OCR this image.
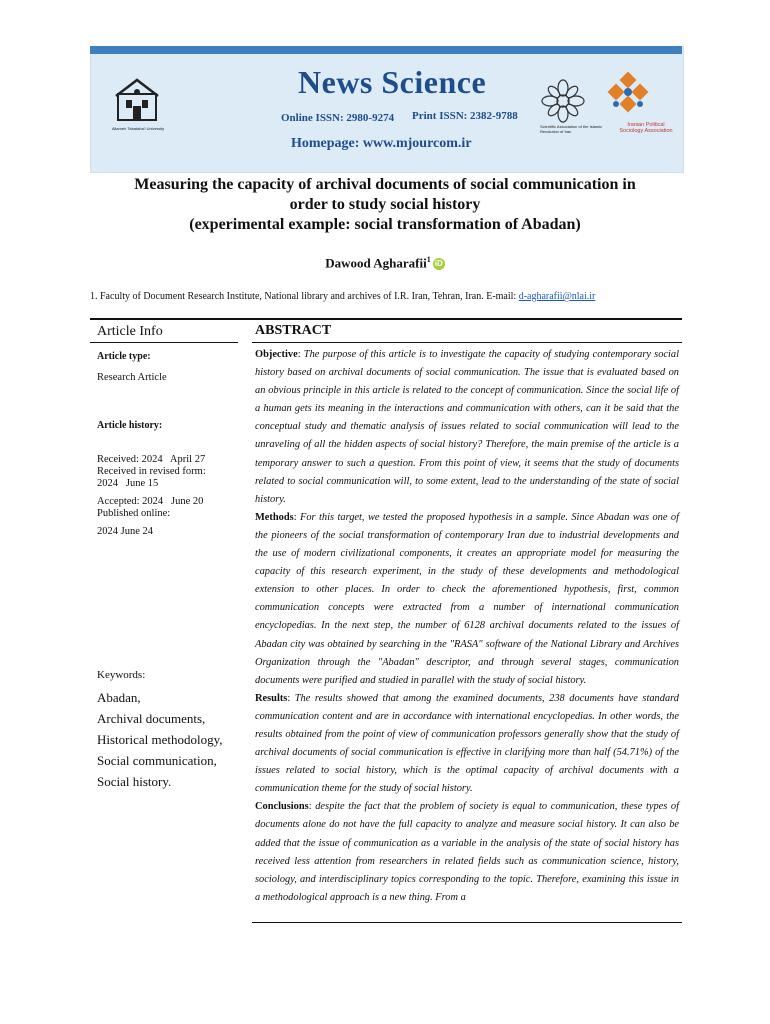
Allameh Tabataba'i University
News Science
Online ISSN: 2980-9274 Print ISSN: 2382-9788
Homepage: www.mjourcom.ir
Scientific Association of the Islamic Revolution of Iran
Iranian Political Sociology Association
Measuring the capacity of archival documents of social communication in
order to study social history
(experimental example: social transformation of Abadan)
Dawood Agharafii$^1$ iD
1. Faculty of Document Research Institute, National library and archives of I.R. Iran, Tehran, Iran. E-mail: d-agharafii@nlai.ir
Article Info
Article type:
Research Article
Article history:
Received: 2024   April 27
Received in revised form:
2024   June 15
Accepted: 2024   June 20
Published online:
2024 June 24
Keywords:
Abadan,
Archival documents,
Historical methodology,
Social communication,
Social history.
ABSTRACT
Objective: The purpose of this article is to investigate the capacity of studying contemporary social history based on archival documents of social communication. The issue that is evaluated based on an obvious principle in this article is related to the concept of communication. Since the social life of a human gets its meaning in the interactions and communication with others, can it be said that the conceptual study and thematic analysis of issues related to social communication will lead to the unraveling of all the hidden aspects of social history? Therefore, the main premise of the article is a temporary answer to such a question. From this point of view, it seems that the study of documents related to social communication will, to some extent, lead to the understanding of the state of social history.
Methods: For this target, we tested the proposed hypothesis in a sample. Since Abadan was one of the pioneers of the social transformation of contemporary Iran due to industrial developments and the use of modern civilizational components, it creates an appropriate model for measuring the capacity of this research experiment, in the study of these developments and methodological extension to other places. In order to check the aforementioned hypothesis, first, common communication concepts were extracted from a number of international communication encyclopedias. In the next step, the number of 6128 archival documents related to the issues of Abadan city was obtained by searching in the "RASA" software of the National Library and Archives Organization through the "Abadan" descriptor, and through several stages, communication documents were purified and studied in parallel with the study of social history.
Results: The results showed that among the examined documents, 238 documents have standard communication content and are in accordance with international encyclopedias. In other words, the results obtained from the point of view of communication professors generally show that the study of archival documents of social communication is effective in clarifying more than half (54.71%) of the issues related to social history, which is the optimal capacity of archival documents with a communication theme for the study of social history.
Conclusions: despite the fact that the problem of society is equal to communication, these types of documents alone do not have the full capacity to analyze and measure social history. It can also be added that the issue of communication as a variable in the analysis of the state of social history has received less attention from researchers in related fields such as communication science, history, sociology, and interdisciplinary topics corresponding to the topic. Therefore, examining this issue in a methodological approach is a new thing. From a
